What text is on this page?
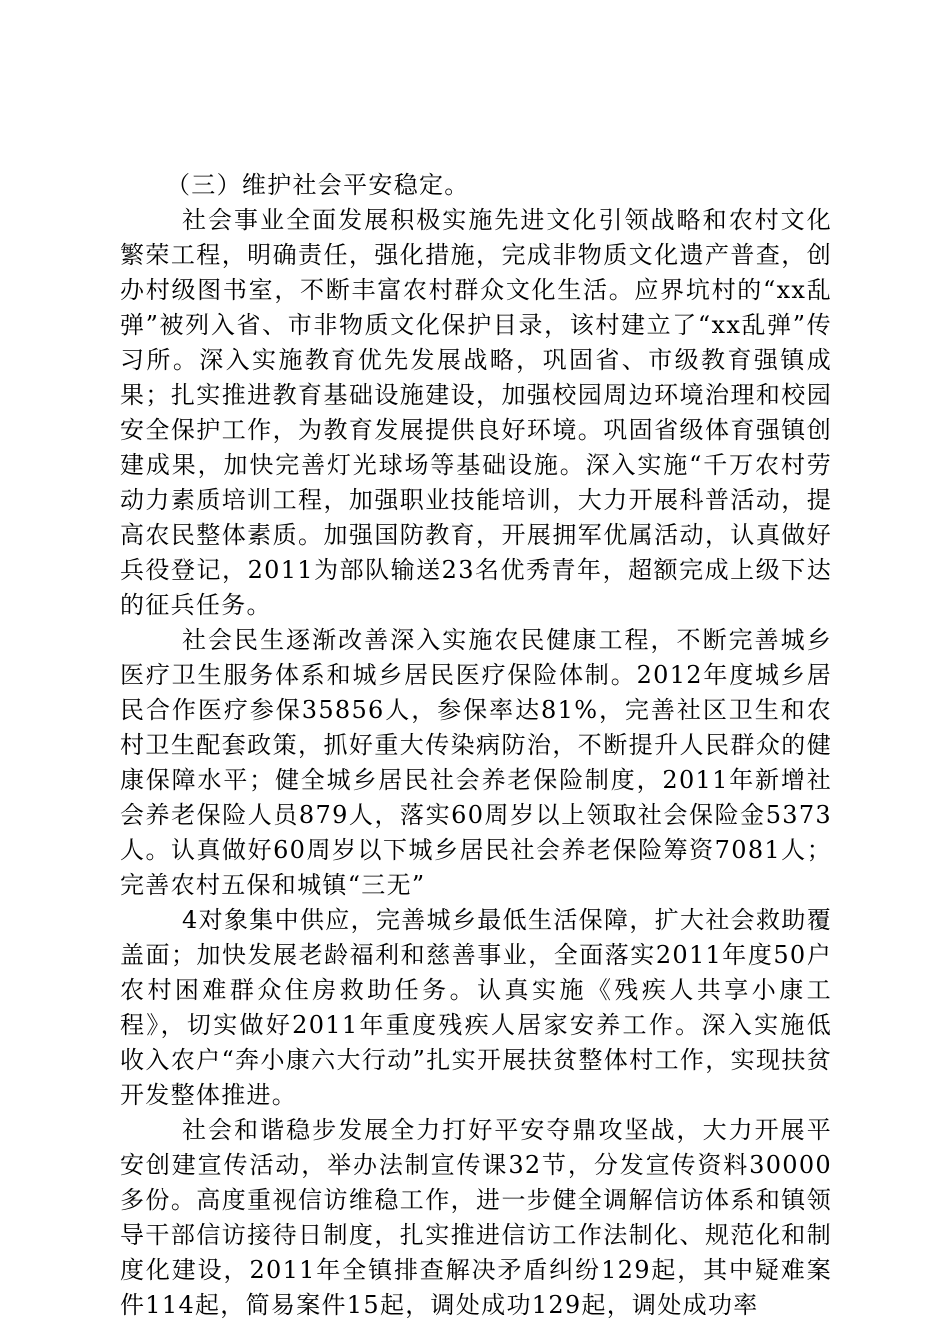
（三）维护社会平安稳定。

社会事业全面发展积极实施先进文化引领战略和农村文化繁荣工程，明确责任，强化措施，完成非物质文化遗产普查，创办村级图书室，不断丰富农村群众文化生活。应界坑村的“xx乱弹”被列入省、市非物质文化保护目录，该村建立了“xx乱弹”传习所。深入实施教育优先发展战略，巩固省、市级教育强镇成果；扎实推进教育基础设施建设，加强校园周边环境治理和校园安全保护工作，为教育发展提供良好环境。巩固省级体育强镇创建成果，加快完善灯光球场等基础设施。深入实施“千万农村劳动力素质培训工程，加强职业技能培训，大力开展科普活动，提高农民整体素质。加强国防教育，开展拥军优属活动，认真做好兵役登记，2011为部队输送23名优秀青年，超额完成上级下达的征兵任务。

社会民生逐渐改善深入实施农民健康工程，不断完善城乡医疗卫生服务体系和城乡居民医疗保险体制。2012年度城乡居民合作医疗参保35856人，参保率达81%，完善社区卫生和农村卫生配套政策，抓好重大传染病防治，不断提升人民群众的健康保障水平；健全城乡居民社会养老保险制度，2011年新增社会养老保险人员879人，落实60周岁以上领取社会保险金5373人。认真做好60周岁以下城乡居民社会养老保险筹资7081人；完善农村五保和城镇“三无”

4对象集中供应，完善城乡最低生活保障，扩大社会救助覆盖面；加快发展老龄福利和慈善事业，全面落实2011年度50户农村困难群众住房救助任务。认真实施《残疾人共享小康工程》，切实做好2011年重度残疾人居家安养工作。深入实施低收入农户“奔小康六大行动”扎实开展扶贫整体村工作，实现扶贫开发整体推进。

社会和谐稳步发展全力打好平安夺鼎攻坚战，大力开展平安创建宣传活动，举办法制宣传课32节，分发宣传资料30000多份。高度重视信访维稳工作，进一步健全调解信访体系和镇领导干部信访接待日制度，扎实推进信访工作法制化、规范化和制度化建设，2011年全镇排查解决矛盾纠纷129起，其中疑难案件114起，简易案件15起，调处成功129起，调处成功率
